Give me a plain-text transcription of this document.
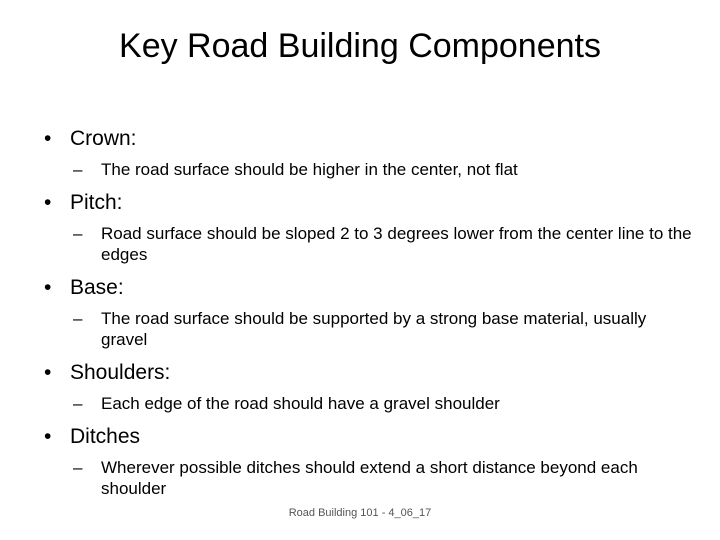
Key Road Building Components
• Crown:
– The road surface should be higher in the center, not flat
• Pitch:
– Road surface should be sloped 2 to 3 degrees lower from the center line to the edges
• Base:
– The road surface should be supported by a strong base material, usually gravel
• Shoulders:
– Each edge of the road should have a gravel shoulder
• Ditches
– Wherever possible ditches should extend a short distance beyond each shoulder
Road Building 101 - 4_06_17
